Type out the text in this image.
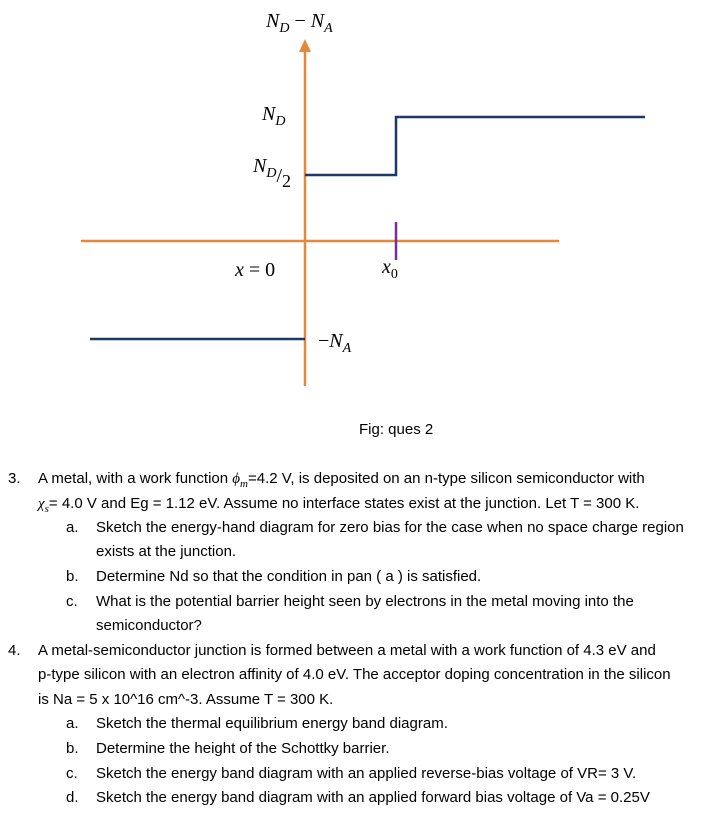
$N_D - N_A$
$N_D$
$N_D/2$
x = 0	$x_0$
$-N_A$
Fig: ques 2
3. A metal, with a work function $\phi_m=4.2$ V, is deposited on an n-type silicon semiconductor with
$\chi_s= 4.0$ V and Eg = 1.12 eV. Assume no interface states exist at the junction. Let T = 300 K.
a. Sketch the energy-hand diagram for zero bias for the case when no space charge region
exists at the junction.
b. Determine Nd so that the condition in pan ( a ) is satisfied.
c. What is the potential barrier height seen by electrons in the metal moving into the
semiconductor?
4. A metal-semiconductor junction is formed between a metal with a work function of 4.3 eV and
p-type silicon with an electron affinity of 4.0 eV. The acceptor doping concentration in the silicon
is Na = 5 x 10^16 cm^-3. Assume T = 300 K.
a. Sketch the thermal equilibrium energy band diagram.
b. Determine the height of the Schottky barrier.
c. Sketch the energy band diagram with an applied reverse-bias voltage of VR= 3 V.
d. Sketch the energy band diagram with an applied forward bias voltage of Va = 0.25V
